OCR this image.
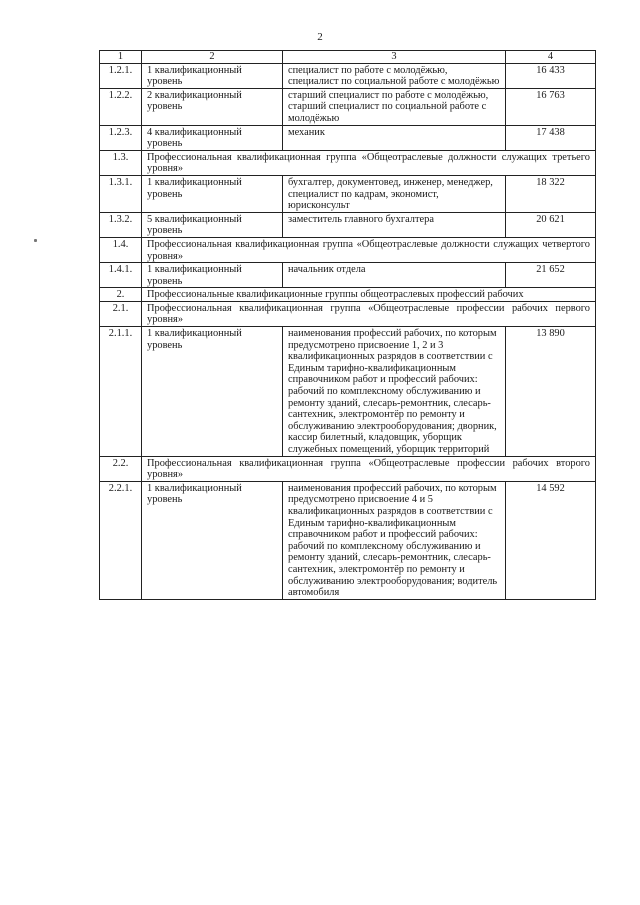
2
1	2	3	4
1.2.1.	1 квалификационный уровень	специалист по работе с молодёжью, специалист по социальной работе с молодёжью	16 433
1.2.2.	2 квалификационный уровень	старший специалист по работе с молодёжью, старший специалист по социальной работе с молодёжью	16 763
1.2.3.	4 квалификационный уровень	механик	17 438
1.3.	Профессиональная квалификационная группа «Общеотраслевые должности служащих третьего уровня»		
1.3.1.	1 квалификационный уровень	бухгалтер, документовед, инженер, менеджер, специалист по кадрам, экономист, юрисконсульт	18 322
1.3.2.	5 квалификационный уровень	заместитель главного бухгалтера	20 621
1.4.	Профессиональная квалификационная группа «Общеотраслевые должности служащих четвертого уровня»		
1.4.1.	1 квалификационный уровень	начальник отдела	21 652
2.	Профессиональные квалификационные группы общеотраслевых профессий рабочих		
2.1.	Профессиональная квалификационная группа «Общеотраслевые профессии рабочих первого уровня»		
2.1.1.	1 квалификационный уровень	наименования профессий рабочих, по которым предусмотрено присвоение 1, 2 и 3 квалификационных разрядов в соответствии с Единым тарифно-квалификационным справочником работ и профессий рабочих: рабочий по комплексному обслуживанию и ремонту зданий, слесарь-ремонтник, слесарь-сантехник, электромонтёр по ремонту и обслуживанию электрооборудования; дворник, кассир билетный, кладовщик, уборщик служебных помещений, уборщик территорий	13 890
2.2.	Профессиональная квалификационная группа «Общеотраслевые профессии рабочих второго уровня»		
2.2.1.	1 квалификационный уровень	наименования профессий рабочих, по которым предусмотрено присвоение 4 и 5 квалификационных разрядов в соответствии с Единым тарифно-квалификационным справочником работ и профессий рабочих: рабочий по комплексному обслуживанию и ремонту зданий, слесарь-ремонтник, слесарь-сантехник, электромонтёр по ремонту и обслуживанию электрооборудования; водитель автомобиля	14 592
